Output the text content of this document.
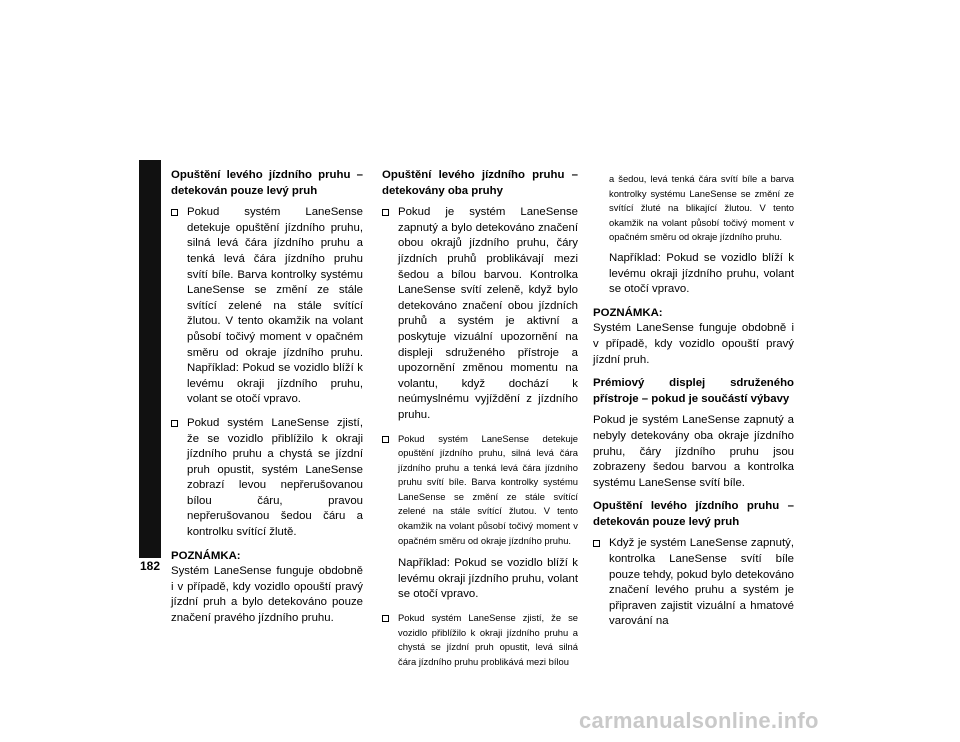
STARTOVÁNÍ A PROVOZ
182

Opuštění levého jízdního pruhu – detekován pouze levý pruh

Pokud systém LaneSense detekuje opuštění jízdního pruhu, silná levá čára jízdního pruhu a tenká levá čára jízdního pruhu svítí bíle. Barva kontrolky systému LaneSense se změní ze stále svítící zelené na stále svítící žlutou. V tento okamžik na volant působí točivý moment v opačném směru od okraje jízdního pruhu. Například: Pokud se vozidlo blíží k levému okraji jízdního pruhu, volant se otočí vpravo.
Pokud systém LaneSense zjistí, že se vozidlo přiblížilo k okraji jízdního pruhu a chystá se jízdní pruh opustit, systém LaneSense zobrazí levou nepřerušovanou bílou čáru, pravou nepřerušovanou šedou čáru a kontrolku svítící žlutě.

POZNÁMKA:

Systém LaneSense funguje obdobně i v případě, kdy vozidlo opouští pravý jízdní pruh a bylo detekováno pouze značení pravého jízdního pruhu.

Opuštění levého jízdního pruhu – detekovány oba pruhy

Pokud je systém LaneSense zapnutý a bylo detekováno značení obou okrajů jízdního pruhu, čáry jízdních pruhů problikávají mezi šedou a bílou barvou. Kontrolka LaneSense svítí zeleně, když bylo detekováno značení obou jízdních pruhů a systém je aktivní a poskytuje vizuální upozornění na displeji sdruženého přístroje a upozornění změnou momentu na volantu, když dochází k neúmyslnému vyjíždění z jízdního pruhu.
Pokud systém LaneSense detekuje opuštění jízdního pruhu, silná levá čára jízdního pruhu a tenká levá čára jízdního pruhu svítí bíle. Barva kontrolky systému LaneSense se změní ze stále svítící zelené na stále svítící žlutou. V tento okamžik na volant působí točivý moment v opačném směru od okraje jízdního pruhu.
Například: Pokud se vozidlo blíží k levému okraji jízdního pruhu, volant se otočí vpravo.
Pokud systém LaneSense zjistí, že se vozidlo přiblížilo k okraji jízdního pruhu a chystá se jízdní pruh opustit, levá silná čára jízdního pruhu problikává mezi bílou
a šedou, levá tenká čára svítí bíle a barva kontrolky systému LaneSense se změní ze svítící žluté na blikající žlutou. V tento okamžik na volant působí točivý moment v opačném směru od okraje jízdního pruhu.
Například: Pokud se vozidlo blíží k levému okraji jízdního pruhu, volant se otočí vpravo.

POZNÁMKA:

Systém LaneSense funguje obdobně i v případě, kdy vozidlo opouští pravý jízdní pruh.

Prémiový displej sdruženého přístroje – pokud je součástí výbavy

Pokud je systém LaneSense zapnutý a nebyly detekovány oba okraje jízdního pruhu, čáry jízdního pruhu jsou zobrazeny šedou barvou a kontrolka systému LaneSense svítí bíle.

Opuštění levého jízdního pruhu – detekován pouze levý pruh

Když je systém LaneSense zapnutý, kontrolka LaneSense svítí bíle pouze tehdy, pokud bylo detekováno značení levého pruhu a systém je připraven zajistit vizuální a hmatové varování na
carmanualsonline.info
